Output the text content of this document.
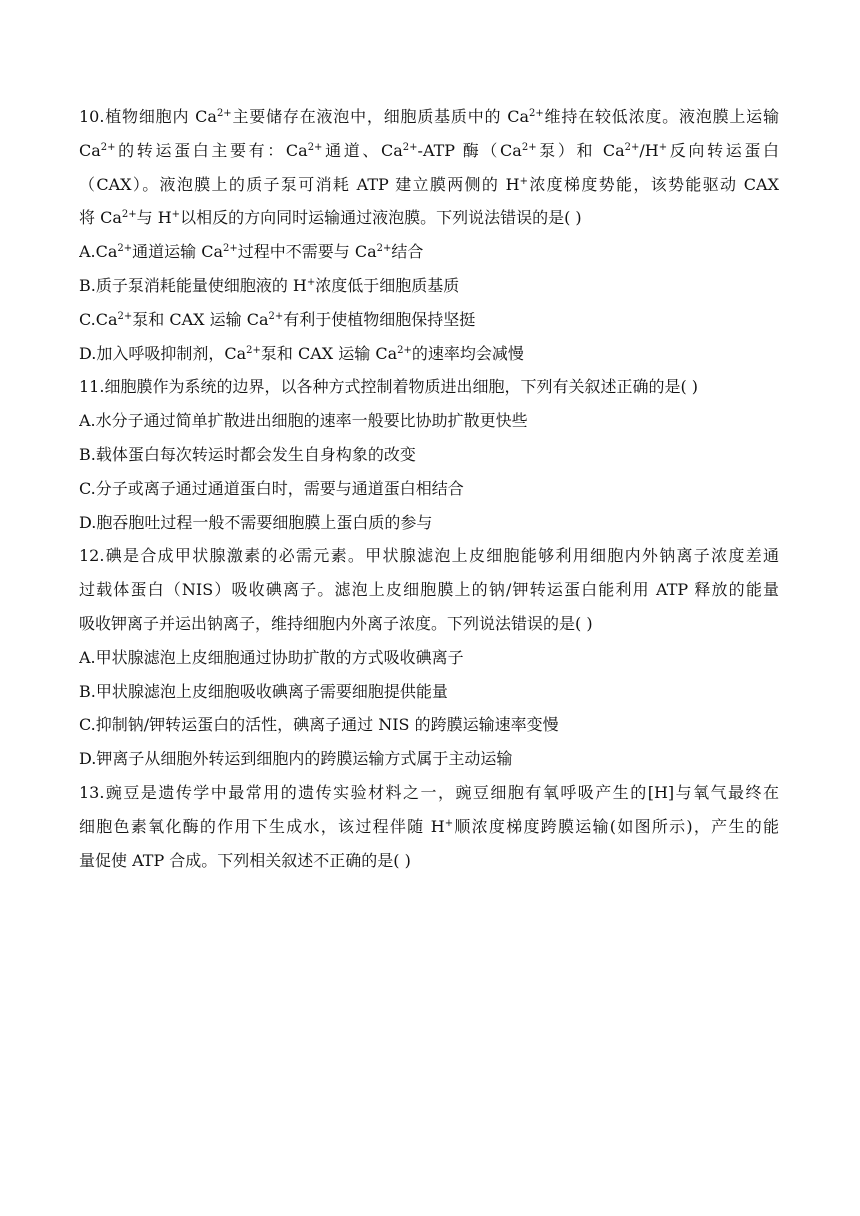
10.植物细胞内 $Ca^{2+}$主要储存在液泡中，细胞质基质中的 $Ca^{2+}$维持在较低浓度。液泡膜上运输
$Ca^{2+}$的转运蛋白主要有：$Ca^{2+}$通道、$Ca^{2+}$-ATP 酶（$Ca^{2+}$泵）和 $Ca^{2+}/H^+$反向转运蛋白
（CAX）。液泡膜上的质子泵可消耗 ATP 建立膜两侧的 H+浓度梯度势能，该势能驱动 CAX
将 $Ca^{2+}$与 H+以相反的方向同时运输通过液泡膜。下列说法错误的是( )
$A.Ca^{2+}$通道运输 $Ca^{2+}$过程中不需要与 $Ca^{2+}$结合
B.质子泵消耗能量使细胞液的 H+浓度低于细胞质基质
$C.Ca^{2+}$泵和 CAX 运输 $Ca^{2+}$有利于使植物细胞保持坚挺
D.加入呼吸抑制剂，$Ca^{2+}$泵和 CAX 运输 $Ca^{2+}$的速率均会减慢
11.细胞膜作为系统的边界，以各种方式控制着物质进出细胞，下列有关叙述正确的是( )
A.水分子通过简单扩散进出细胞的速率一般要比协助扩散更快些
B.载体蛋白每次转运时都会发生自身构象的改变
C.分子或离子通过通道蛋白时，需要与通道蛋白相结合
D.胞吞胞吐过程一般不需要细胞膜上蛋白质的参与
12.碘是合成甲状腺激素的必需元素。甲状腺滤泡上皮细胞能够利用细胞内外钠离子浓度差通
过载体蛋白（NIS）吸收碘离子。滤泡上皮细胞膜上的钠/钾转运蛋白能利用 ATP 释放的能量
吸收钾离子并运出钠离子，维持细胞内外离子浓度。下列说法错误的是( )
A.甲状腺滤泡上皮细胞通过协助扩散的方式吸收碘离子
B.甲状腺滤泡上皮细胞吸收碘离子需要细胞提供能量
C.抑制钠/钾转运蛋白的活性，碘离子通过 NIS 的跨膜运输速率变慢
D.钾离子从细胞外转运到细胞内的跨膜运输方式属于主动运输
13.豌豆是遗传学中最常用的遗传实验材料之一，豌豆细胞有氧呼吸产生的[H]与氧气最终在
细胞色素氧化酶的作用下生成水，该过程伴随 H+顺浓度梯度跨膜运输(如图所示)，产生的能
量促使 ATP 合成。下列相关叙述不正确的是( )
